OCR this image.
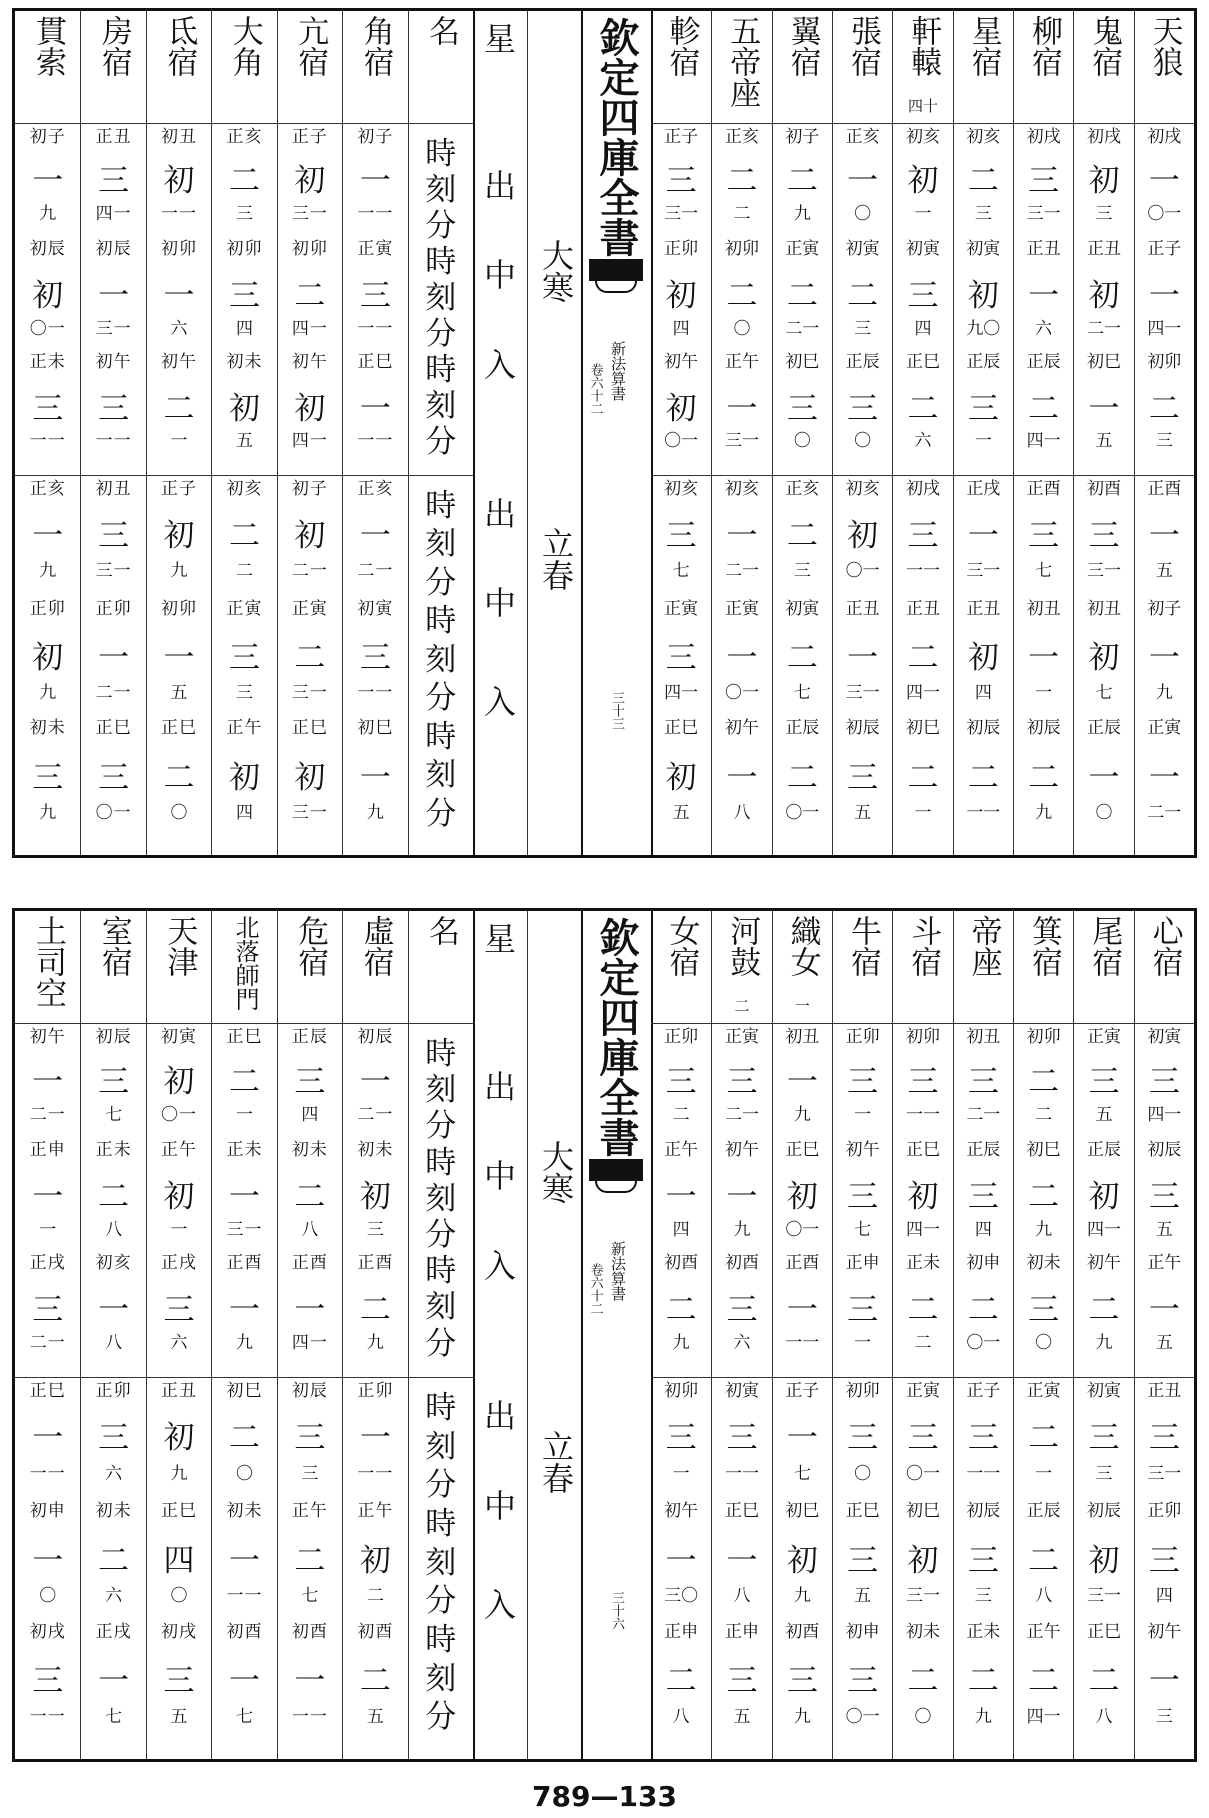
貫索
初子
一
九
初辰
初
〇一
正未
三
一一
正亥
一
九
正卯
初
九
初未
三
九
房宿
正丑
三
四一
初辰
一
三一
初午
三
一一
初丑
三
三一
正卯
一
二一
正巳
三
〇一
氐宿
初丑
初
一一
初卯
一
六
初午
二
一
正子
初
九
初卯
一
五
正巳
二
〇
大角
正亥
二
三
初卯
三
四
初未
初
五
初亥
二
二
正寅
三
三
正午
初
四
亢宿
正子
初
三一
初卯
二
四一
初午
初
四一
初子
初
二一
正寅
二
三一
正巳
初
三一
角宿
初子
一
一一
正寅
三
一一
正巳
一
一一
正亥
一
二一
初寅
三
一一
初巳
一
九
名
時
刻
分
時
刻
分
時
刻
分
時
刻
分
時
刻
分
時
刻
分
星
出
中
入
出
中
入
大寒
立春
欽定四庫全書
新法算書
卷六十二
三十三
軫宿
正子
三
三一
正卯
初
四
初午
初
〇一
初亥
三
七
正寅
三
四一
正巳
初
五
五帝座
正亥
二
二
初卯
二
〇
正午
一
三一
初亥
一
二一
正寅
一
〇一
初午
一
八
翼宿
初子
二
九
正寅
二
二一
初巳
三
〇
正亥
二
三
初寅
二
七
正辰
二
〇一
張宿
正亥
一
〇
初寅
二
三
正辰
三
〇
初亥
初
〇一
正丑
一
三一
初辰
三
五
軒轅
四十
初亥
初
一
初寅
三
四
正巳
二
六
初戌
三
一一
正丑
二
四一
初巳
二
一
星宿
初亥
二
三
初寅
初
九〇
正辰
三
一
正戌
一
三一
正丑
初
四
初辰
二
一一
柳宿
初戌
三
三一
正丑
一
六
正辰
二
四一
正酉
三
七
初丑
一
一
初辰
二
九
鬼宿
初戌
初
三
正丑
初
二一
初巳
一
五
初酉
三
三一
初丑
初
七
正辰
一
〇
天狼
初戌
一
〇一
正子
一
四一
初卯
二
三
正酉
一
五
初子
一
九
正寅
一
二一
土司空
初午
一
二一
正申
一
一
正戌
三
二一
正巳
一
一一
初申
一
〇
初戌
三
一一
室宿
初辰
三
七
正未
二
八
初亥
一
八
正卯
三
六
初未
二
六
正戌
一
七
天津
初寅
初
〇一
正午
初
一
正戌
三
六
正丑
初
九
正巳
四
〇
初戌
三
五
北落師門
正巳
二
一
正未
一
三一
正酉
一
九
初巳
二
〇
初未
一
一一
初酉
一
七
危宿
正辰
三
四
初未
二
八
正酉
一
四一
初辰
三
三
正午
二
七
初酉
一
一一
虛宿
初辰
一
二一
初未
初
三
正酉
二
九
正卯
一
一一
正午
初
二
初酉
二
五
名
時
刻
分
時
刻
分
時
刻
分
時
刻
分
時
刻
分
時
刻
分
星
出
中
入
出
中
入
大寒
立春
欽定四庫全書
新法算書
卷六十二
三十六
女宿
正卯
三
二
正午
一
四
初酉
二
九
初卯
三
一
初午
一
三〇
正申
二
八
河鼓
二
正寅
三
二一
初午
一
九
初酉
三
六
初寅
三
一一
正巳
一
八
正申
三
五
織女
一
初丑
一
九
正巳
初
〇一
正酉
一
一一
正子
一
七
初巳
初
九
初酉
三
九
牛宿
正卯
三
一
初午
三
七
正申
三
一
初卯
三
〇
正巳
三
五
初申
三
〇一
斗宿
初卯
三
一一
正巳
初
四一
正未
二
二
正寅
三
〇一
初巳
初
三一
初未
二
〇
帝座
初丑
三
二一
正辰
三
四
初申
二
〇一
正子
三
一一
初辰
三
三
正未
二
九
箕宿
初卯
二
二
初巳
二
九
初未
三
〇
正寅
二
一
正辰
二
八
正午
二
四一
尾宿
正寅
三
五
正辰
初
四一
初午
二
九
初寅
三
三
初辰
初
三一
正巳
二
八
心宿
初寅
三
四一
初辰
三
五
正午
一
五
正丑
三
三一
正卯
三
四
初午
一
三
789—133
